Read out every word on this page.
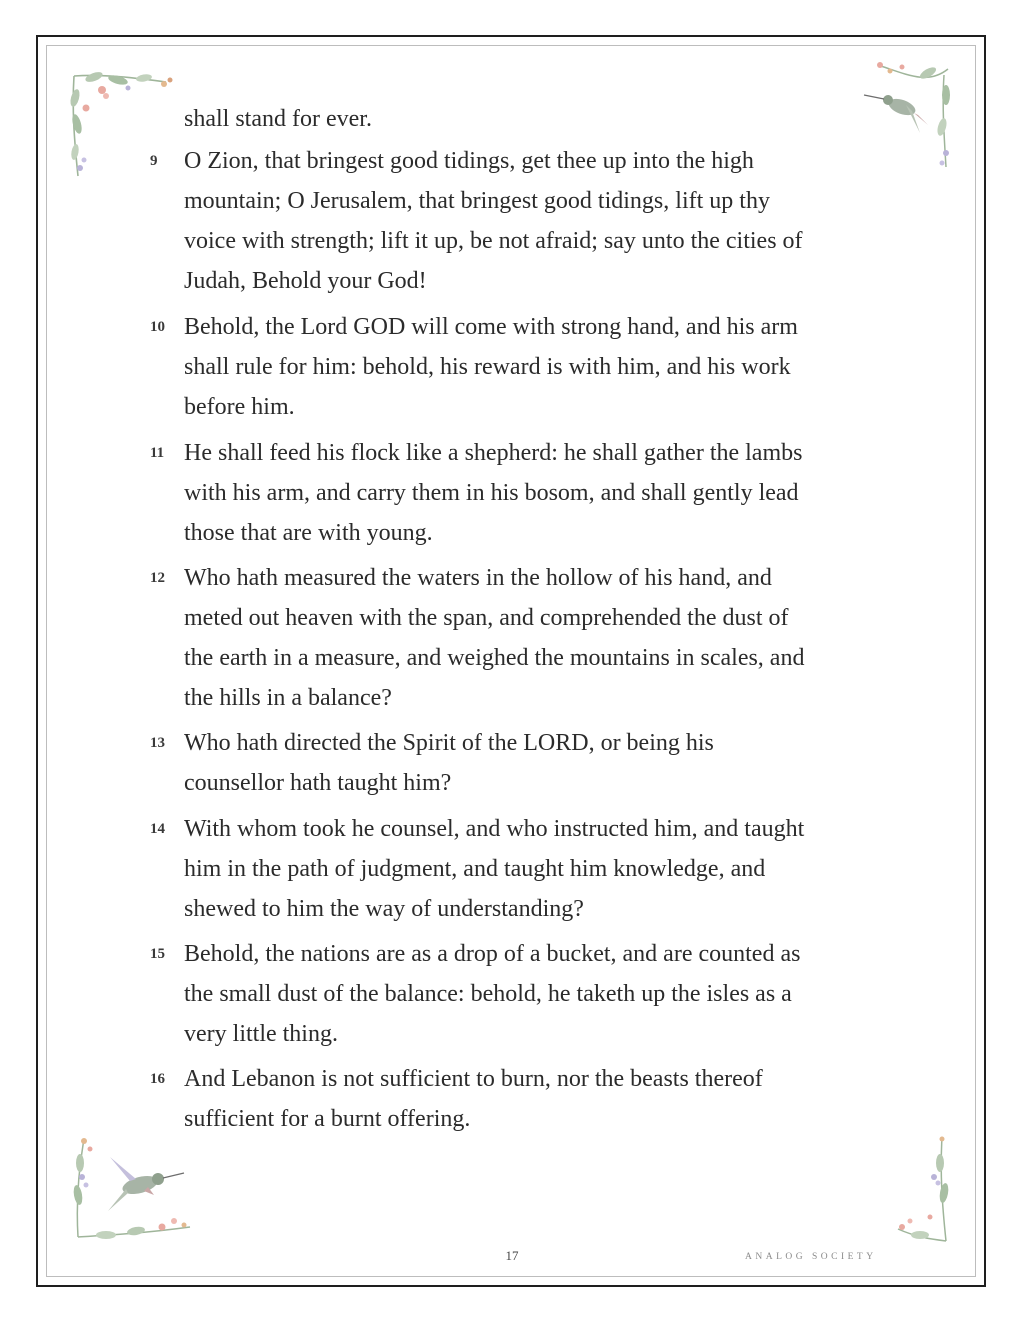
shall stand for ever.

9	O Zion, that bringest good tidings, get thee up into the high
mountain; O Jerusalem, that bringest good tidings, lift up thy
voice with strength; lift it up, be not afraid; say unto the cities of
Judah, Behold your God!

10 Behold, the Lord GOD will come with strong hand, and his arm
shall rule for him: behold, his reward is with him, and his work
before him.

11 He shall feed his flock like a shepherd: he shall gather the lambs
with his arm, and carry them in his bosom, and shall gently lead
those that are with young.

12 Who hath measured the waters in the hollow of his hand, and
meted out heaven with the span, and comprehended the dust of
the earth in a measure, and weighed the mountains in scales, and
the hills in a balance?

13 Who hath directed the Spirit of the LORD, or being his
counsellor hath taught him?

14 With whom took he counsel, and who instructed him, and taught
him in the path of judgment, and taught him knowledge, and
shewed to him the way of understanding?

15 Behold, the nations are as a drop of a bucket, and are counted as
the small dust of the balance: behold, he taketh up the isles as a
very little thing.

16 And Lebanon is not sufficient to burn, nor the beasts thereof
sufficient for a burnt offering.

17	ANALOG SOCIETY
